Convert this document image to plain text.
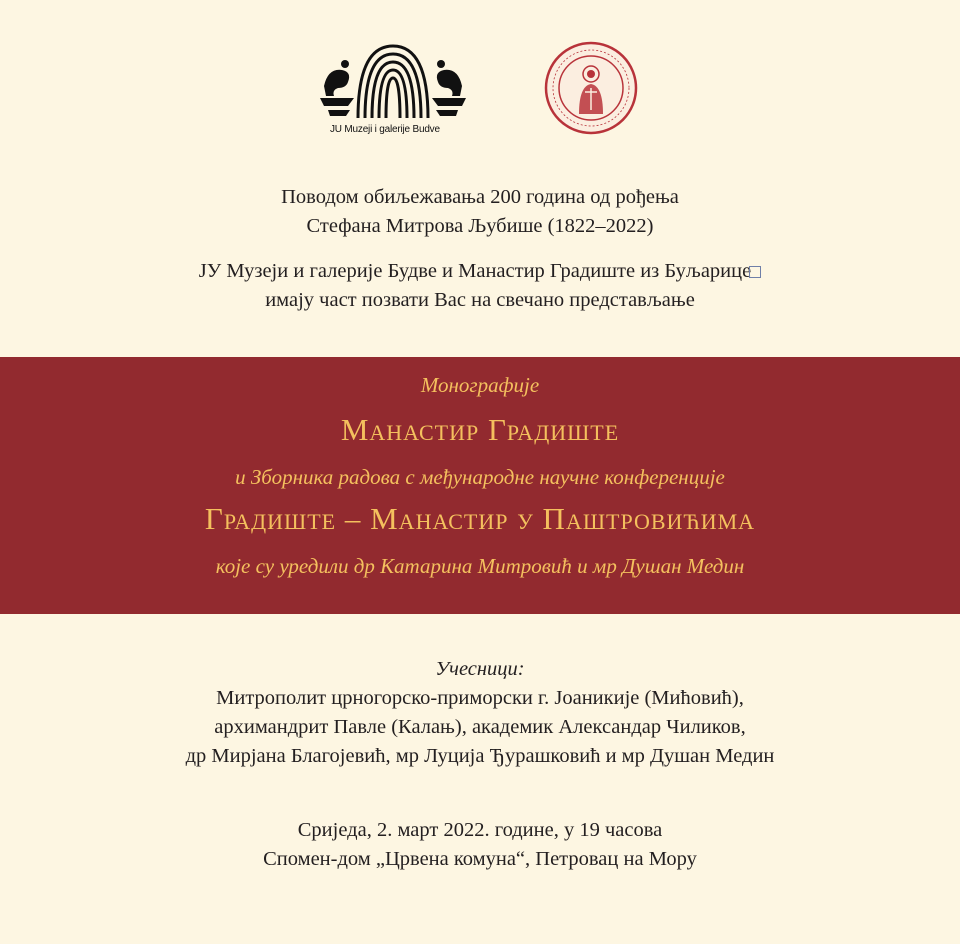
JU Muzeji i galerije Budve

Поводом обиљежавања 200 година од рођења

Стефана Митрова Љубише (1822–2022)

ЈУ Музеји и галерије Будве и Манастир Градиште из Буљарице

имају част позвати Вас на свечано представљање

Монографије
Манастир Градиште
и Зборника радова с међународне научне конференције
Градиште – Манастир у Паштровићима
које су уредили др Катарина Митровић и мр Душан Медин

Учесници:

Митрополит црногорско-приморски г. Јоаникије (Мићовић),

архимандрит Павле (Калањ), академик Александар Чиликов,

др Мирјана Благојевић, мр Луција Ђурашковић и мр Душан Медин

Сриједа, 2. март 2022. године, у 19 часова

Спомен-дом „Црвена комуна“, Петровац на Мору
